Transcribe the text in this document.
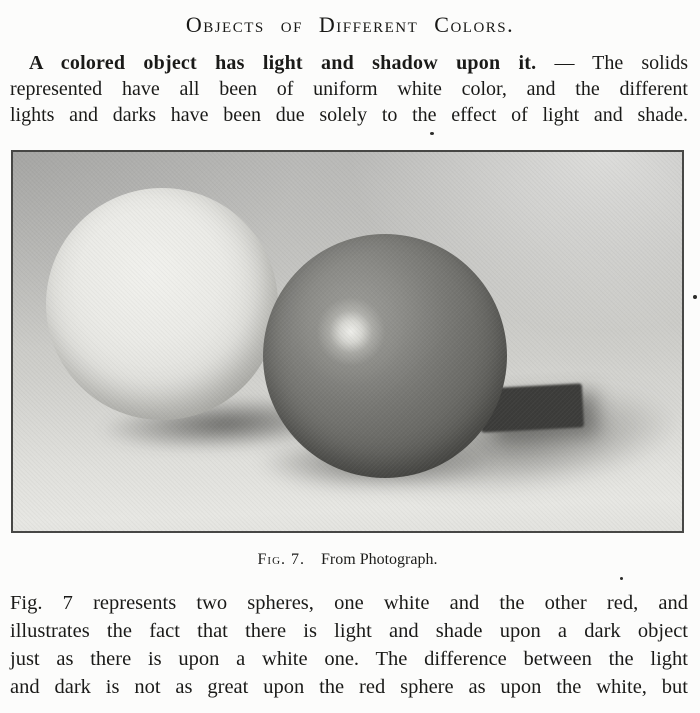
Objects of Different Colors.
A colored object has light and shadow upon it. — The solids
represented have all been of uniform white color, and the different
lights and darks have been due solely to the effect of light and shade.
Fig. 7. From Photograph.
Fig. 7 represents two spheres, one white and the other red, and
illustrates the fact that there is light and shade upon a dark object
just as there is upon a white one. The difference between the light
and dark is not as great upon the red sphere as upon the white, but
